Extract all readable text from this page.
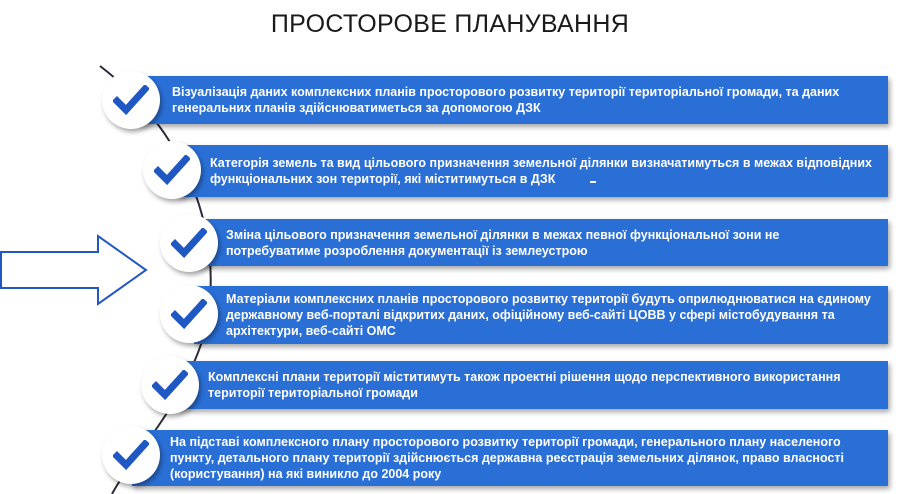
ПРОСТОРОВЕ ПЛАНУВАННЯ
Візуалізація даних комплексних планів просторового розвитку території територіальної громади, та даних генеральних планів здійснюватиметься за допомогою ДЗК
Категорія земель та вид цільового призначення земельної ділянки визначатимуться в межах відповідних функціональних зон території, які міститимуться в ДЗК
Зміна цільового призначення земельної ділянки в межах певної функціональної зони не потребуватиме розроблення документації із землеустрою
Матеріали комплексних планів просторового розвитку території будуть оприлюднюватися на єдиному державному веб-порталі відкритих даних, офіційному веб-сайті ЦОВВ у сфері містобудування та архітектури, веб-сайті ОМС
Комплексні плани території міститимуть також проектні рішення щодо перспективного використання території територіальної громади
На підставі комплексного плану просторового розвитку території громади, генерального плану населеного пункту, детального плану території здійснюється державна реєстрація земельних ділянок, право власності (користування) на які виникло до 2004 року
